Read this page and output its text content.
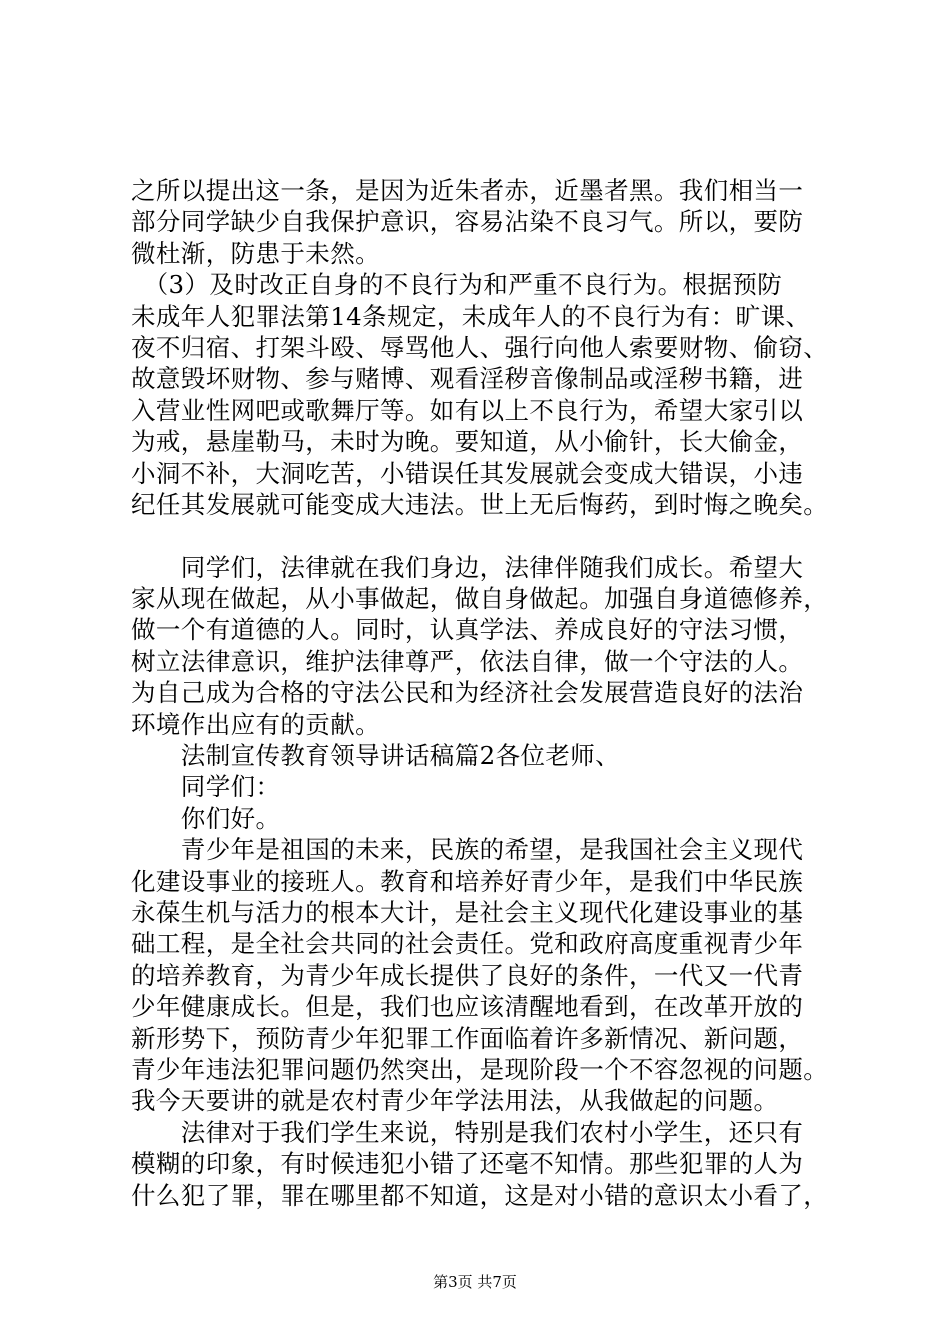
之所以提出这一条，是因为近朱者赤，近墨者黑。我们相当一
部分同学缺少自我保护意识，容易沾染不良习气。所以，要防
微杜渐，防患于未然。
　（3）及时改正自身的不良行为和严重不良行为。根据预防
未成年人犯罪法第14条规定，未成年人的不良行为有：旷课、
夜不归宿、打架斗殴、辱骂他人、强行向他人索要财物、偷窃、
故意毁坏财物、参与赌博、观看淫秽音像制品或淫秽书籍，进
入营业性网吧或歌舞厅等。如有以上不良行为，希望大家引以
为戒，悬崖勒马，未时为晚。要知道，从小偷针，长大偷金，
小洞不补，大洞吃苦，小错误任其发展就会变成大错误，小违
纪任其发展就可能变成大违法。世上无后悔药，到时悔之晚矣。
　　同学们，法律就在我们身边，法律伴随我们成长。希望大
家从现在做起，从小事做起，做自身做起。加强自身道德修养，
做一个有道德的人。同时，认真学法、养成良好的守法习惯，
树立法律意识，维护法律尊严，依法自律，做一个守法的人。
为自己成为合格的守法公民和为经济社会发展营造良好的法治
环境作出应有的贡献。
　　法制宣传教育领导讲话稿篇2各位老师、
　　同学们：
　　你们好。
　　青少年是祖国的未来，民族的希望，是我国社会主义现代
化建设事业的接班人。教育和培养好青少年，是我们中华民族
永葆生机与活力的根本大计，是社会主义现代化建设事业的基
础工程，是全社会共同的社会责任。党和政府高度重视青少年
的培养教育，为青少年成长提供了良好的条件，一代又一代青
少年健康成长。但是，我们也应该清醒地看到，在改革开放的
新形势下，预防青少年犯罪工作面临着许多新情况、新问题，
青少年违法犯罪问题仍然突出，是现阶段一个不容忽视的问题。
我今天要讲的就是农村青少年学法用法，从我做起的问题。
　　法律对于我们学生来说，特别是我们农村小学生，还只有
模糊的印象，有时候违犯小错了还毫不知情。那些犯罪的人为
什么犯了罪，罪在哪里都不知道，这是对小错的意识太小看了，
第3页 共7页
